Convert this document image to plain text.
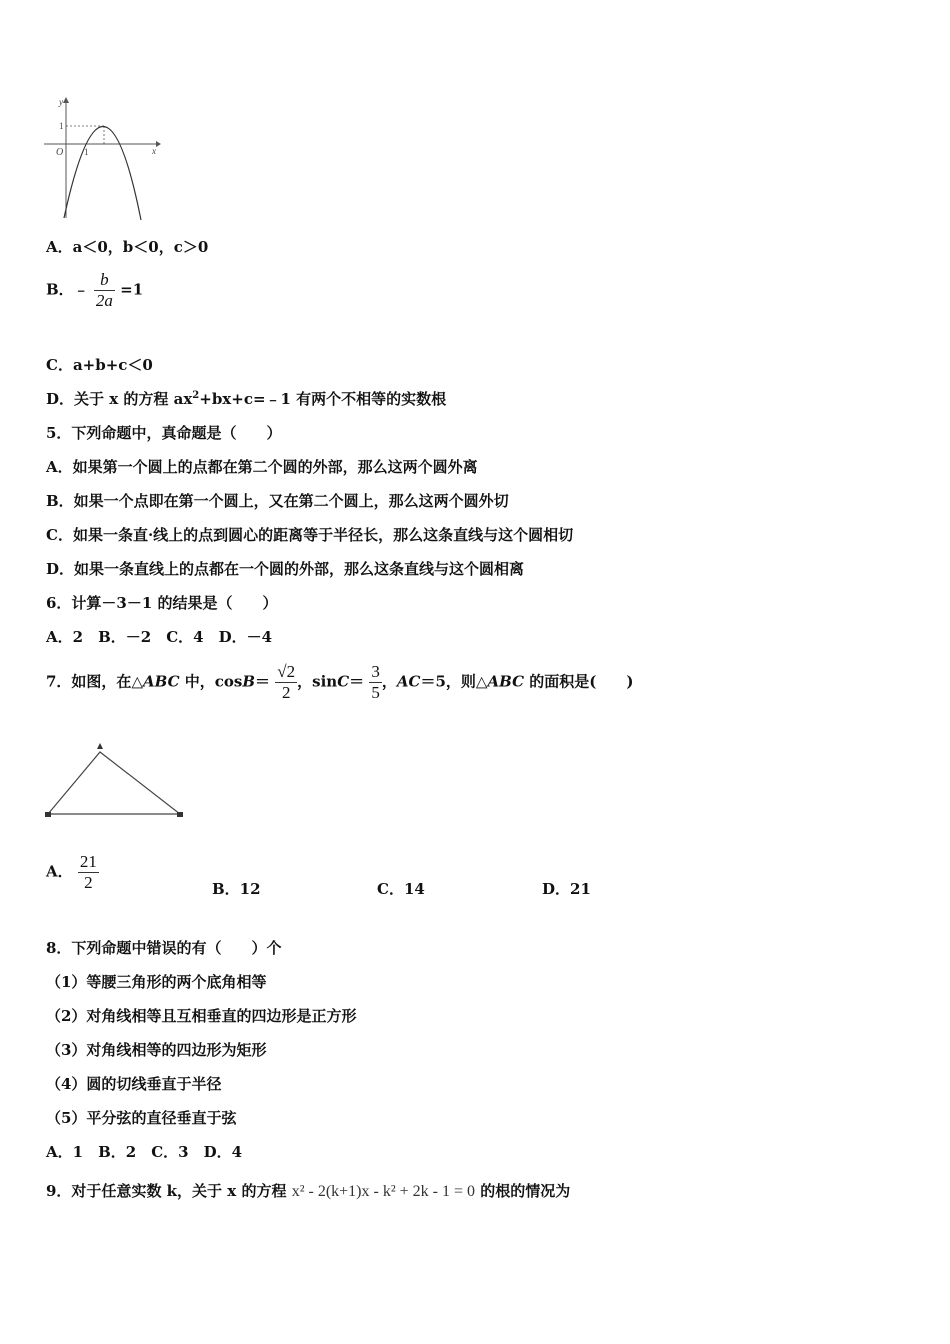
y
x
O 1
1
A．a＜0，b＜0，c＞0
B．﹣ $\frac{b}{2a} =1$
C．a+b+c＜0
D．关于 x 的方程 $ax^2+bx+c=﹣1$ 有两个不相等的实数根
5．下列命题中，真命题是（　　）
A．如果第一个圆上的点都在第二个圆的外部，那么这两个圆外离
B．如果一个点即在第一个圆上，又在第二个圆上，那么这两个圆外切
C．如果一条直·线上的点到圆心的距离等于半径长，那么这条直线与这个圆相切
D．如果一条直线上的点都在一个圆的外部，那么这条直线与这个圆相离
6．计算－3－1 的结果是（　　）
A．2　B．－2　C．4　D．－4
7．如图，在△ABC 中，$\cos B= \frac{√2}{2}$ ，$\sin C= \frac{3}{5}$ ，AC＝5，则△ABC 的面积是(　　)
A． $\frac{21}{2}$	B．12	C．14	D．21
8．下列命题中错误的有（　　）个
（1）等腰三角形的两个底角相等
（2）对角线相等且互相垂直的四边形是正方形
（3）对角线相等的四边形为矩形
（4）圆的切线垂直于半径
（5）平分弦的直径垂直于弦
A．1　B．2　C．3　D．4
9．对于任意实数 k，关于 x 的方程 x² - 2(k+1)x - k² + 2k - 1 = 0 的根的情况为
